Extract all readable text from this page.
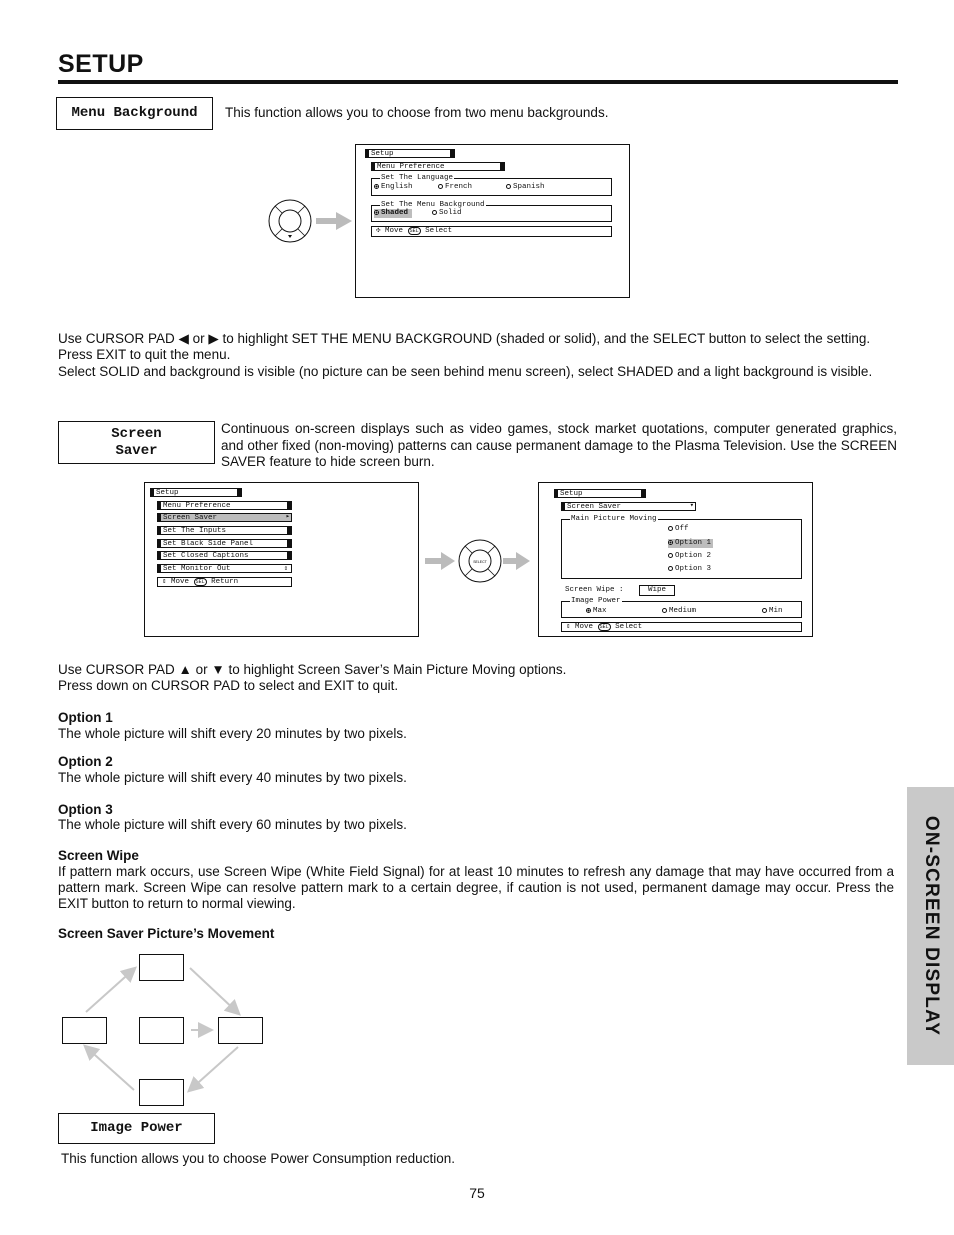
SETUP
Menu Background	This function allows you to choose from two menu backgrounds.
Setup
Menu Preference
Set The Language
English	French	Spanish
Set The Menu Background
Shaded	Solid
✣ Move SEL Select
Use CURSOR PAD ◀ or ▶ to highlight SET THE MENU BACKGROUND (shaded or solid), and the SELECT button to select the setting.
Press EXIT to quit the menu.
Select SOLID and background is visible (no picture can be seen behind menu screen), select SHADED and a light background is visible.
Screen
Saver
Continuous on-screen displays such as video games, stock market quotations, computer generated graphics, and other fixed (non-moving) patterns can cause permanent damage to the Plasma Television. Use the SCREEN SAVER feature to hide screen burn.
Setup
Menu Preference
Screen Saver	▸
Set The Inputs
Set Black Side Panel
Set Closed Captions
Set Monitor Out	⇕
⇕ Move SEL Return
SELECT
Setup
Screen Saver	▾
Main Picture Moving
Off
Option 1
Option 2
Option 3
Screen Wipe :	Wipe
Image Power
Max	Medium	Min
⇕ Move SEL Select
Use CURSOR PAD ▲ or ▼ to highlight Screen Saver’s Main Picture Moving options.
Press down on CURSOR PAD to select and EXIT to quit.
Option 1
The whole picture will shift every 20 minutes by two pixels.
Option 2
The whole picture will shift every 40 minutes by two pixels.
Option 3
The whole picture will shift every 60 minutes by two pixels.
Screen Wipe
If pattern mark occurs, use Screen Wipe (White Field Signal) for at least 10 minutes to refresh any damage that may have occurred from a pattern mark. Screen Wipe can resolve pattern mark to a certain degree, if caution is not used, permanent damage may occur. Press the EXIT button to return to normal viewing.
Screen Saver Picture’s Movement
Image Power
This function allows you to choose Power Consumption reduction.
ON-SCREEN DISPLAY
75
